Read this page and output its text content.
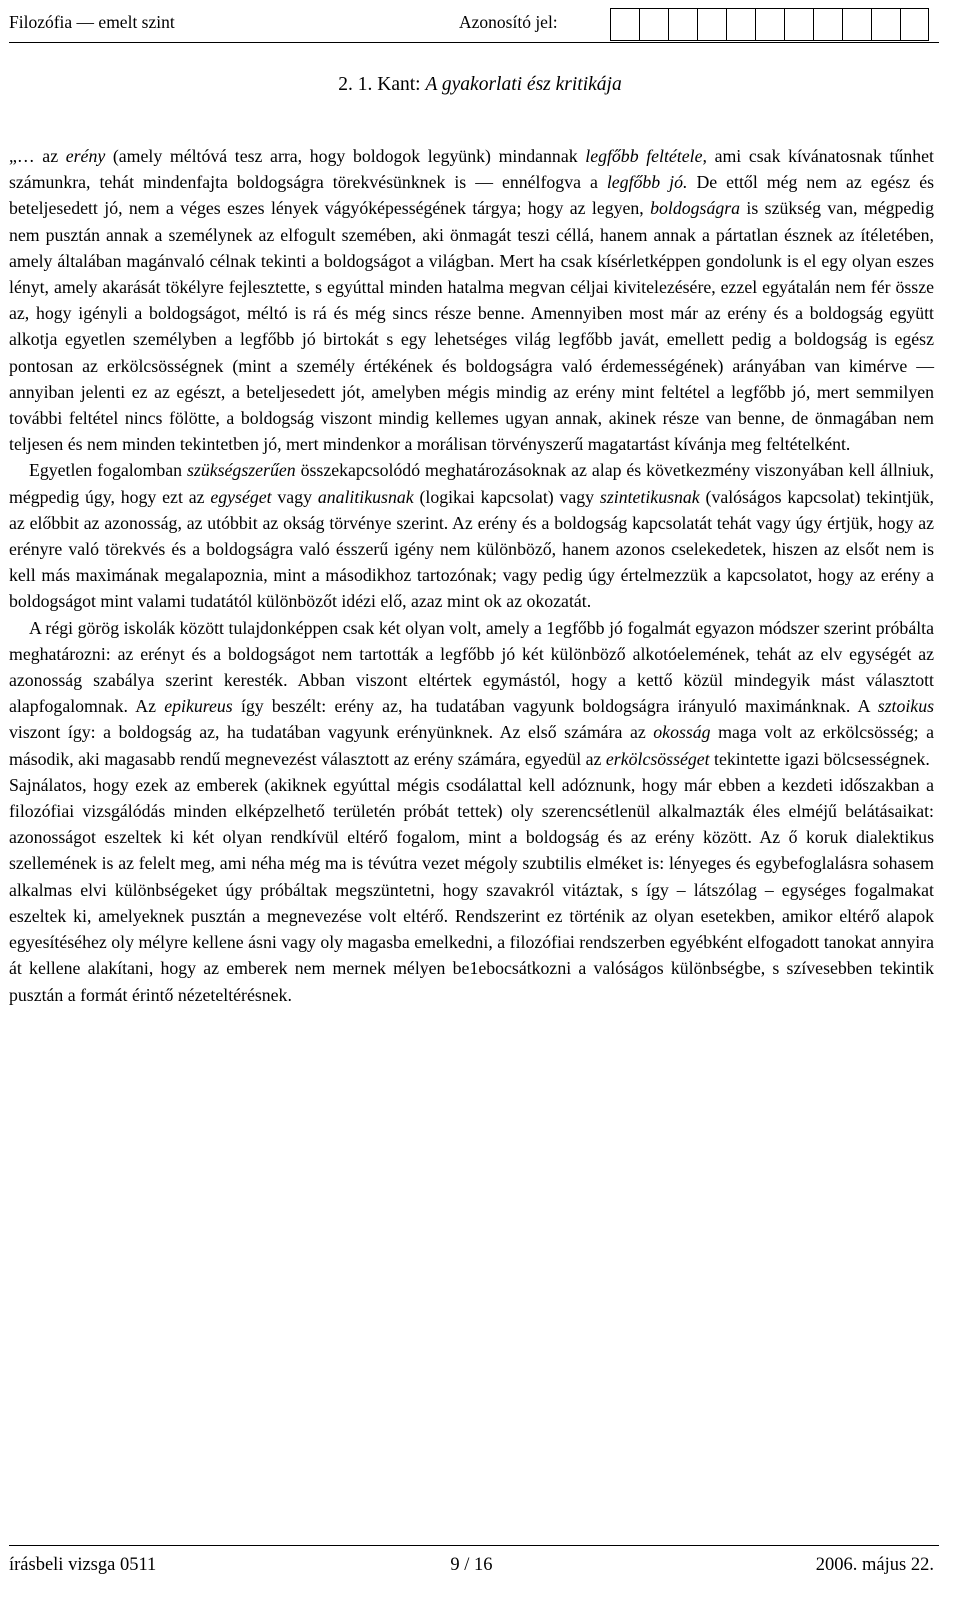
Filozófia — emelt szint	Azonosító jel:
2. 1. Kant: A gyakorlati ész kritikája

„… az erény (amely méltóvá tesz arra, hogy boldogok legyünk) mindannak legfőbb feltétele, ami csak kívánatosnak tűnhet számunkra, tehát mindenfajta boldogságra törekvésünknek is — ennélfogva a legfőbb jó. De ettől még nem az egész és beteljesedett jó, nem a véges eszes lények vágyóképességének tárgya; hogy az legyen, boldogságra is szükség van, mégpedig nem pusztán annak a személynek az elfogult szemében, aki önmagát teszi céllá, hanem annak a pártatlan észnek az ítéletében, amely általában magánvaló célnak tekinti a boldogságot a világban. Mert ha csak kísérletképpen gondolunk is el egy olyan eszes lényt, amely akarását tökélyre fejlesztette, s egyúttal minden hatalma megvan céljai kivitelezésére, ezzel egyátalán nem fér össze az, hogy igényli a boldogságot, méltó is rá és még sincs része benne. Amennyiben most már az erény és a boldogság együtt alkotja egyetlen személyben a legfőbb jó birtokát s egy lehetséges világ legfőbb javát, emellett pedig a boldogság is egész pontosan az erkölcsösségnek (mint a személy értékének és boldogságra való érdemességének) arányában van kimérve — annyiban jelenti ez az egészt, a beteljesedett jót, amelyben mégis mindig az erény mint feltétel a legfőbb jó, mert semmilyen további feltétel nincs fölötte, a boldogság viszont mindig kellemes ugyan annak, akinek része van benne, de önmagában nem teljesen és nem minden tekintetben jó, mert mindenkor a morálisan törvényszerű magatartást kívánja meg feltételként.

Egyetlen fogalomban szükségszerűen összekapcsolódó meghatározásoknak az alap és következmény viszonyában kell állniuk, mégpedig úgy, hogy ezt az egységet vagy analitikusnak (logikai kapcsolat) vagy szintetikusnak (valóságos kapcsolat) tekintjük, az előbbit az azonosság, az utóbbit az okság törvénye szerint. Az erény és a boldogság kapcsolatát tehát vagy úgy értjük, hogy az erényre való törekvés és a boldogságra való ésszerű igény nem különböző, hanem azonos cselekedetek, hiszen az elsőt nem is kell más maximának megalapoznia, mint a másodikhoz tartozónak; vagy pedig úgy értelmezzük a kapcsolatot, hogy az erény a boldogságot mint valami tudatától különbözőt idézi elő, azaz mint ok az okozatát.

A régi görög iskolák között tulajdonképpen csak két olyan volt, amely a 1egfőbb jó fogalmát egyazon módszer szerint próbálta meghatározni: az erényt és a boldogságot nem tartották a legfőbb jó két különböző alkotóelemének, tehát az elv egységét az azonosság szabálya szerint keresték. Abban viszont eltértek egymástól, hogy a kettő közül mindegyik mást választott alapfogalomnak. Az epikureus így beszélt: erény az, ha tudatában vagyunk boldogságra irányuló maximánknak. A sztoikus viszont így: a boldogság az, ha tudatában vagyunk erényünknek. Az első számára az okosság maga volt az erkölcsösség; a második, aki magasabb rendű megnevezést választott az erény számára, egyedül az erkölcsösséget tekintette igazi bölcsességnek.

Sajnálatos, hogy ezek az emberek (akiknek egyúttal mégis csodálattal kell adóznunk, hogy már ebben a kezdeti időszakban a filozófiai vizsgálódás minden elképzelhető területén próbát tettek) oly szerencsétlenül alkalmazták éles elméjű belátásaikat: azonosságot eszeltek ki két olyan rendkívül eltérő fogalom, mint a boldogság és az erény között. Az ő koruk dialektikus szellemének is az felelt meg, ami néha még ma is tévútra vezet mégoly szubtilis elméket is: lényeges és egybefoglalásra sohasem alkalmas elvi különbségeket úgy próbáltak megszüntetni, hogy szavakról vitáztak, s így – látszólag – egységes fogalmakat eszeltek ki, amelyeknek pusztán a megnevezése volt eltérő. Rendszerint ez történik az olyan esetekben, amikor eltérő alapok egyesítéséhez oly mélyre kellene ásni vagy oly magasba emelkedni, a filozófiai rendszerben egyébként elfogadott tanokat annyira át kellene alakítani, hogy az emberek nem mernek mélyen be1ebocsátkozni a valóságos különbségbe, s szívesebben tekintik pusztán a formát érintő nézeteltérésnek.

írásbeli vizsga 0511	9 / 16	2006. május 22.
